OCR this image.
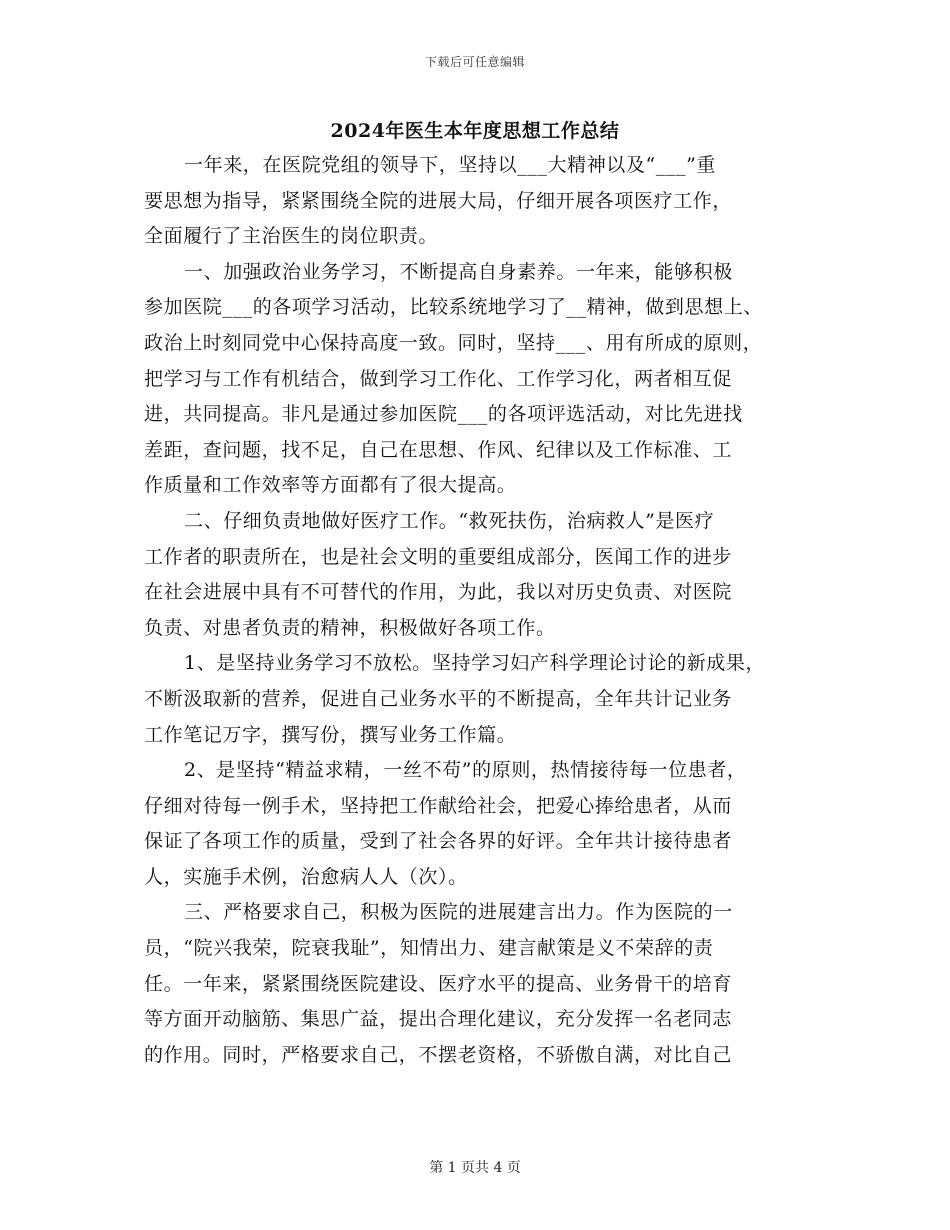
下载后可任意编辑
2024年医生本年度思想工作总结
一年来，在医院党组的领导下，坚持以___大精神以及“___”重
要思想为指导，紧紧围绕全院的进展大局，仔细开展各项医疗工作，
全面履行了主治医生的岗位职责。
一、加强政治业务学习，不断提高自身素养。一年来，能够积极
参加医院___的各项学习活动，比较系统地学习了__精神，做到思想上、
政治上时刻同党中心保持高度一致。同时，坚持___、用有所成的原则，
把学习与工作有机结合，做到学习工作化、工作学习化，两者相互促
进，共同提高。非凡是通过参加医院___的各项评选活动，对比先进找
差距，查问题，找不足，自己在思想、作风、纪律以及工作标准、工
作质量和工作效率等方面都有了很大提高。
二、仔细负责地做好医疗工作。“救死扶伤，治病救人”是医疗
工作者的职责所在，也是社会文明的重要组成部分，医闻工作的进步
在社会进展中具有不可替代的作用，为此，我以对历史负责、对医院
负责、对患者负责的精神，积极做好各项工作。
1、是坚持业务学习不放松。坚持学习妇产科学理论讨论的新成果，
不断汲取新的营养，促进自己业务水平的不断提高，全年共计记业务
工作笔记万字，撰写份，撰写业务工作篇。
2、是坚持“精益求精，一丝不苟”的原则，热情接待每一位患者，
仔细对待每一例手术，坚持把工作献给社会，把爱心捧给患者，从而
保证了各项工作的质量，受到了社会各界的好评。全年共计接待患者
人，实施手术例，治愈病人人（次）。
三、严格要求自己，积极为医院的进展建言出力。作为医院的一
员，“院兴我荣，院衰我耻”，知情出力、建言献策是义不荣辞的责
任。一年来，紧紧围绕医院建设、医疗水平的提高、业务骨干的培育
等方面开动脑筋、集思广益，提出合理化建议，充分发挥一名老同志
的作用。同时，严格要求自己，不摆老资格，不骄傲自满，对比自己
第 1 页共 4 页
